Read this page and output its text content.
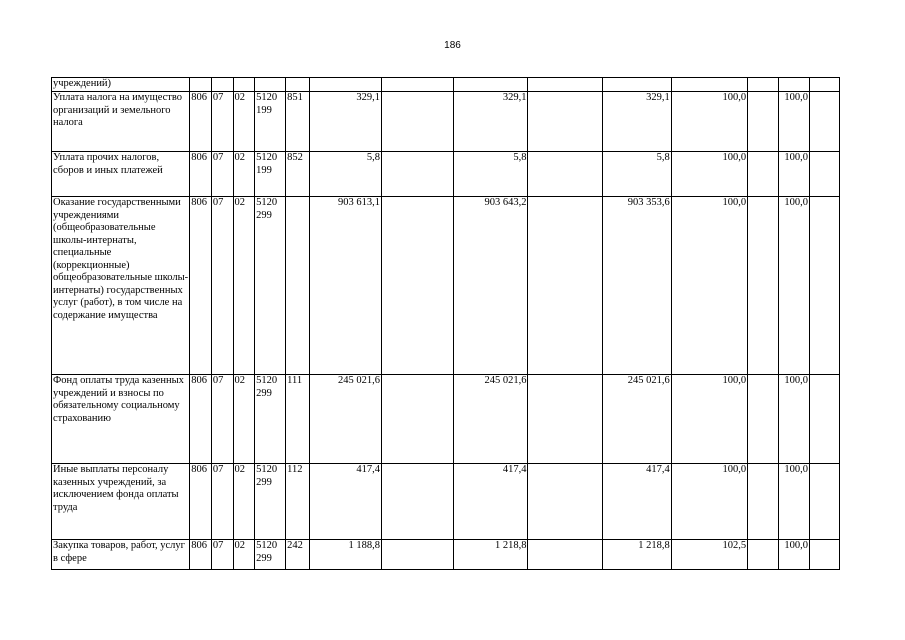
186
учреждений)														
Уплата налога на имущество организаций и земельного налога	806	07	02	5120 199	851	329,1		329,1		329,1	100,0		100,0	
Уплата прочих налогов, сборов и иных платежей	806	07	02	5120 199	852	5,8		5,8		5,8	100,0		100,0	
Оказание государственными учреждениями (общеобразовательные школы-интернаты, специальные (коррекционные) общеобразовательные школы-интернаты) государственных услуг (работ), в том числе на содержание имущества	806	07	02	5120 299		903 613,1		903 643,2		903 353,6	100,0		100,0	
Фонд оплаты труда казенных учреждений и взносы по обязательному социальному страхованию	806	07	02	5120 299	111	245 021,6		245 021,6		245 021,6	100,0		100,0	
Иные выплаты персоналу казенных учреждений, за исключением фонда оплаты труда	806	07	02	5120 299	112	417,4		417,4		417,4	100,0		100,0	
Закупка товаров, работ, услуг в сфере	806	07	02	5120 299	242	1 188,8		1 218,8		1 218,8	102,5		100,0	
